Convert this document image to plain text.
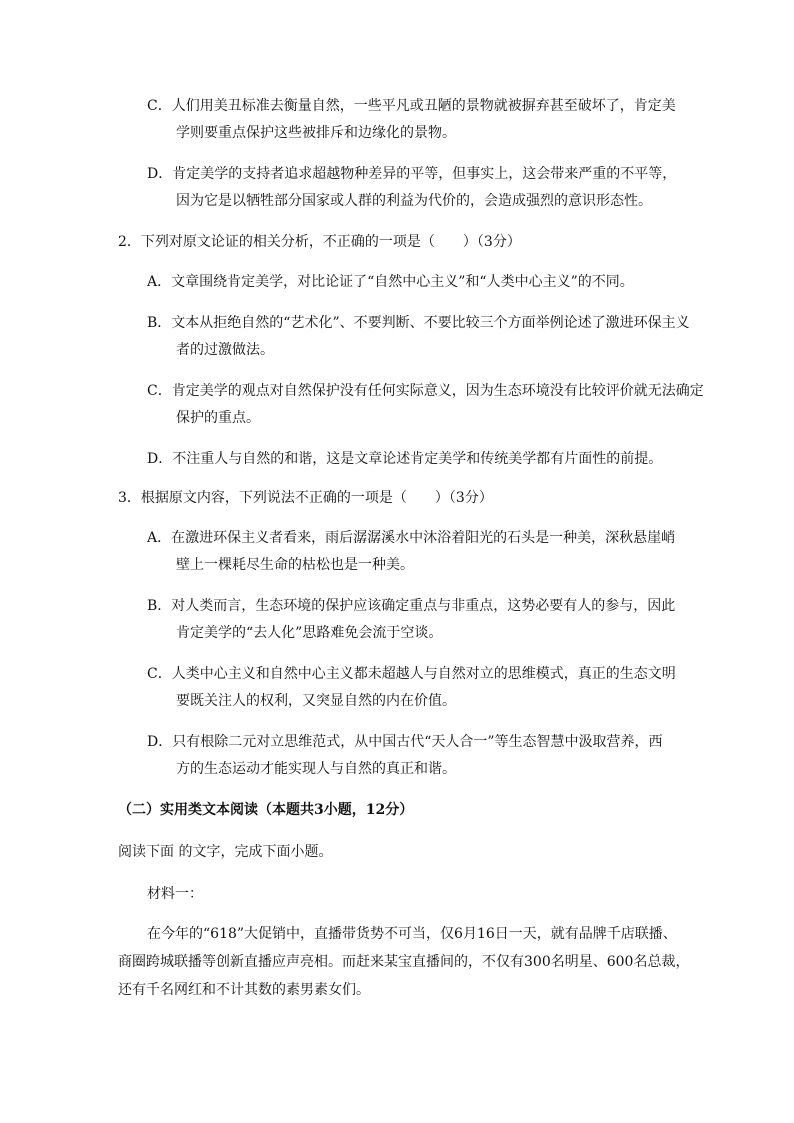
C．人们用美丑标准去衡量自然，一些平凡或丑陋的景物就被摒弃甚至破坏了，肯定美
学则要重点保护这些被排斥和边缘化的景物。
D．肯定美学的支持者追求超越物种差异的平等，但事实上，这会带来严重的不平等，
因为它是以牺牲部分国家或人群的利益为代价的，会造成强烈的意识形态性。
2．下列对原文论证的相关分析，不正确的一项是（　　）（3分）
A．文章围绕肯定美学，对比论证了“自然中心主义”和“人类中心主义”的不同。
B．文本从拒绝自然的“艺术化”、不要判断、不要比较三个方面举例论述了激进环保主义
者的过激做法。
C．肯定美学的观点对自然保护没有任何实际意义，因为生态环境没有比较评价就无法确定
保护的重点。
D．不注重人与自然的和谐，这是文章论述肯定美学和传统美学都有片面性的前提。
3．根据原文内容，下列说法不正确的一项是（　　）（3分）
A．在激进环保主义者看来，雨后潺潺溪水中沐浴着阳光的石头是一种美，深秋悬崖峭
壁上一棵耗尽生命的枯松也是一种美。
B．对人类而言，生态环境的保护应该确定重点与非重点，这势必要有人的参与，因此
肯定美学的“去人化”思路难免会流于空谈。
C．人类中心主义和自然中心主义都未超越人与自然对立的思维模式，真正的生态文明
要既关注人的权利，又突显自然的内在价值。
D．只有根除二元对立思维范式，从中国古代“天人合一”等生态智慧中汲取营养，西
方的生态运动才能实现人与自然的真正和谐。
（二）实用类文本阅读（本题共3小题，12分）
阅读下面 的文字，完成下面小题。
材料一：
在今年的“618”大促销中，直播带货势不可当，仅6月16日一天，就有品牌千店联播、
商圈跨城联播等创新直播应声亮相。而赶来某宝直播间的，不仅有300名明星、600名总裁，
还有千名网红和不计其数的素男素女们。
